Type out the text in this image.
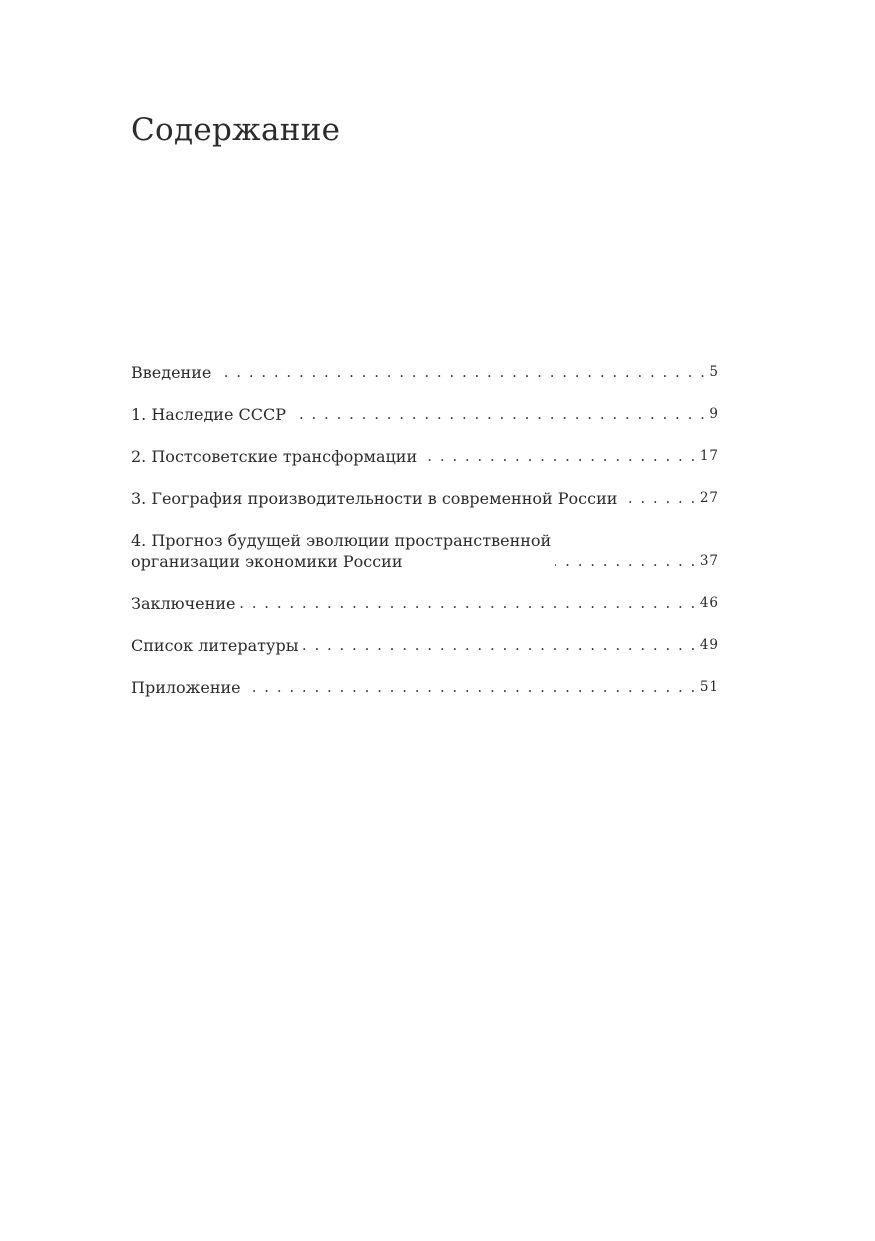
Содержание
Введение . . .	5
1. Наследие СССР . . .	9
2. Постсоветские трансформации . . .	17
3. География производительности в современной России . . .	27
4. Прогноз будущей эволюции пространственной
организации экономики России . . .	37
Заключение . . .	46
Список литературы . . .	49
Приложение . . .	51
